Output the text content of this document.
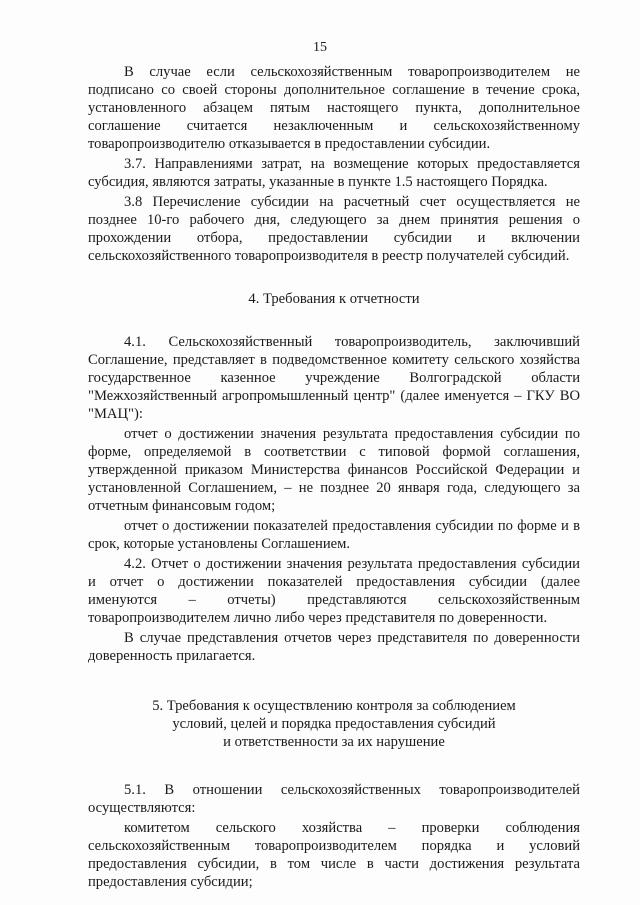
15

В случае если сельскохозяйственным товаропроизводителем не подписано со своей стороны дополнительное соглашение в течение срока, установленного абзацем пятым настоящего пункта, дополнительное соглашение считается незаключенным и сельскохозяйственному товаропроизводителю отказывается в предоставлении субсидии.

3.7. Направлениями затрат, на возмещение которых предоставляется субсидия, являются затраты, указанные в пункте 1.5 настоящего Порядка.

3.8 Перечисление субсидии на расчетный счет осуществляется не позднее 10-го рабочего дня, следующего за днем принятия решения о прохождении отбора, предоставлении субсидии и включении сельскохозяйственного товаропроизводителя в реестр получателей субсидий.

4. Требования к отчетности

4.1. Сельскохозяйственный товаропроизводитель, заключивший Соглашение, представляет в подведомственное комитету сельского хозяйства государственное казенное учреждение Волгоградской области "Межхозяйственный агропромышленный центр" (далее именуется – ГКУ ВО "МАЦ"):

отчет о достижении значения результата предоставления субсидии по форме, определяемой в соответствии с типовой формой соглашения, утвержденной приказом Министерства финансов Российской Федерации и установленной Соглашением, – не позднее 20 января года, следующего за отчетным финансовым годом;

отчет о достижении показателей предоставления субсидии по форме и в срок, которые установлены Соглашением.

4.2. Отчет о достижении значения результата предоставления субсидии и отчет о достижении показателей предоставления субсидии (далее именуются – отчеты) представляются сельскохозяйственным товаропроизводителем лично либо через представителя по доверенности.

В случае представления отчетов через представителя по доверенности доверенность прилагается.

5. Требования к осуществлению контроля за соблюдением
условий, целей и порядка предоставления субсидий
и ответственности за их нарушение

5.1. В отношении сельскохозяйственных товаропроизводителей осуществляются:

комитетом сельского хозяйства – проверки соблюдения сельскохозяйственным товаропроизводителем порядка и условий предоставления субсидии, в том числе в части достижения результата предоставления субсидии;
